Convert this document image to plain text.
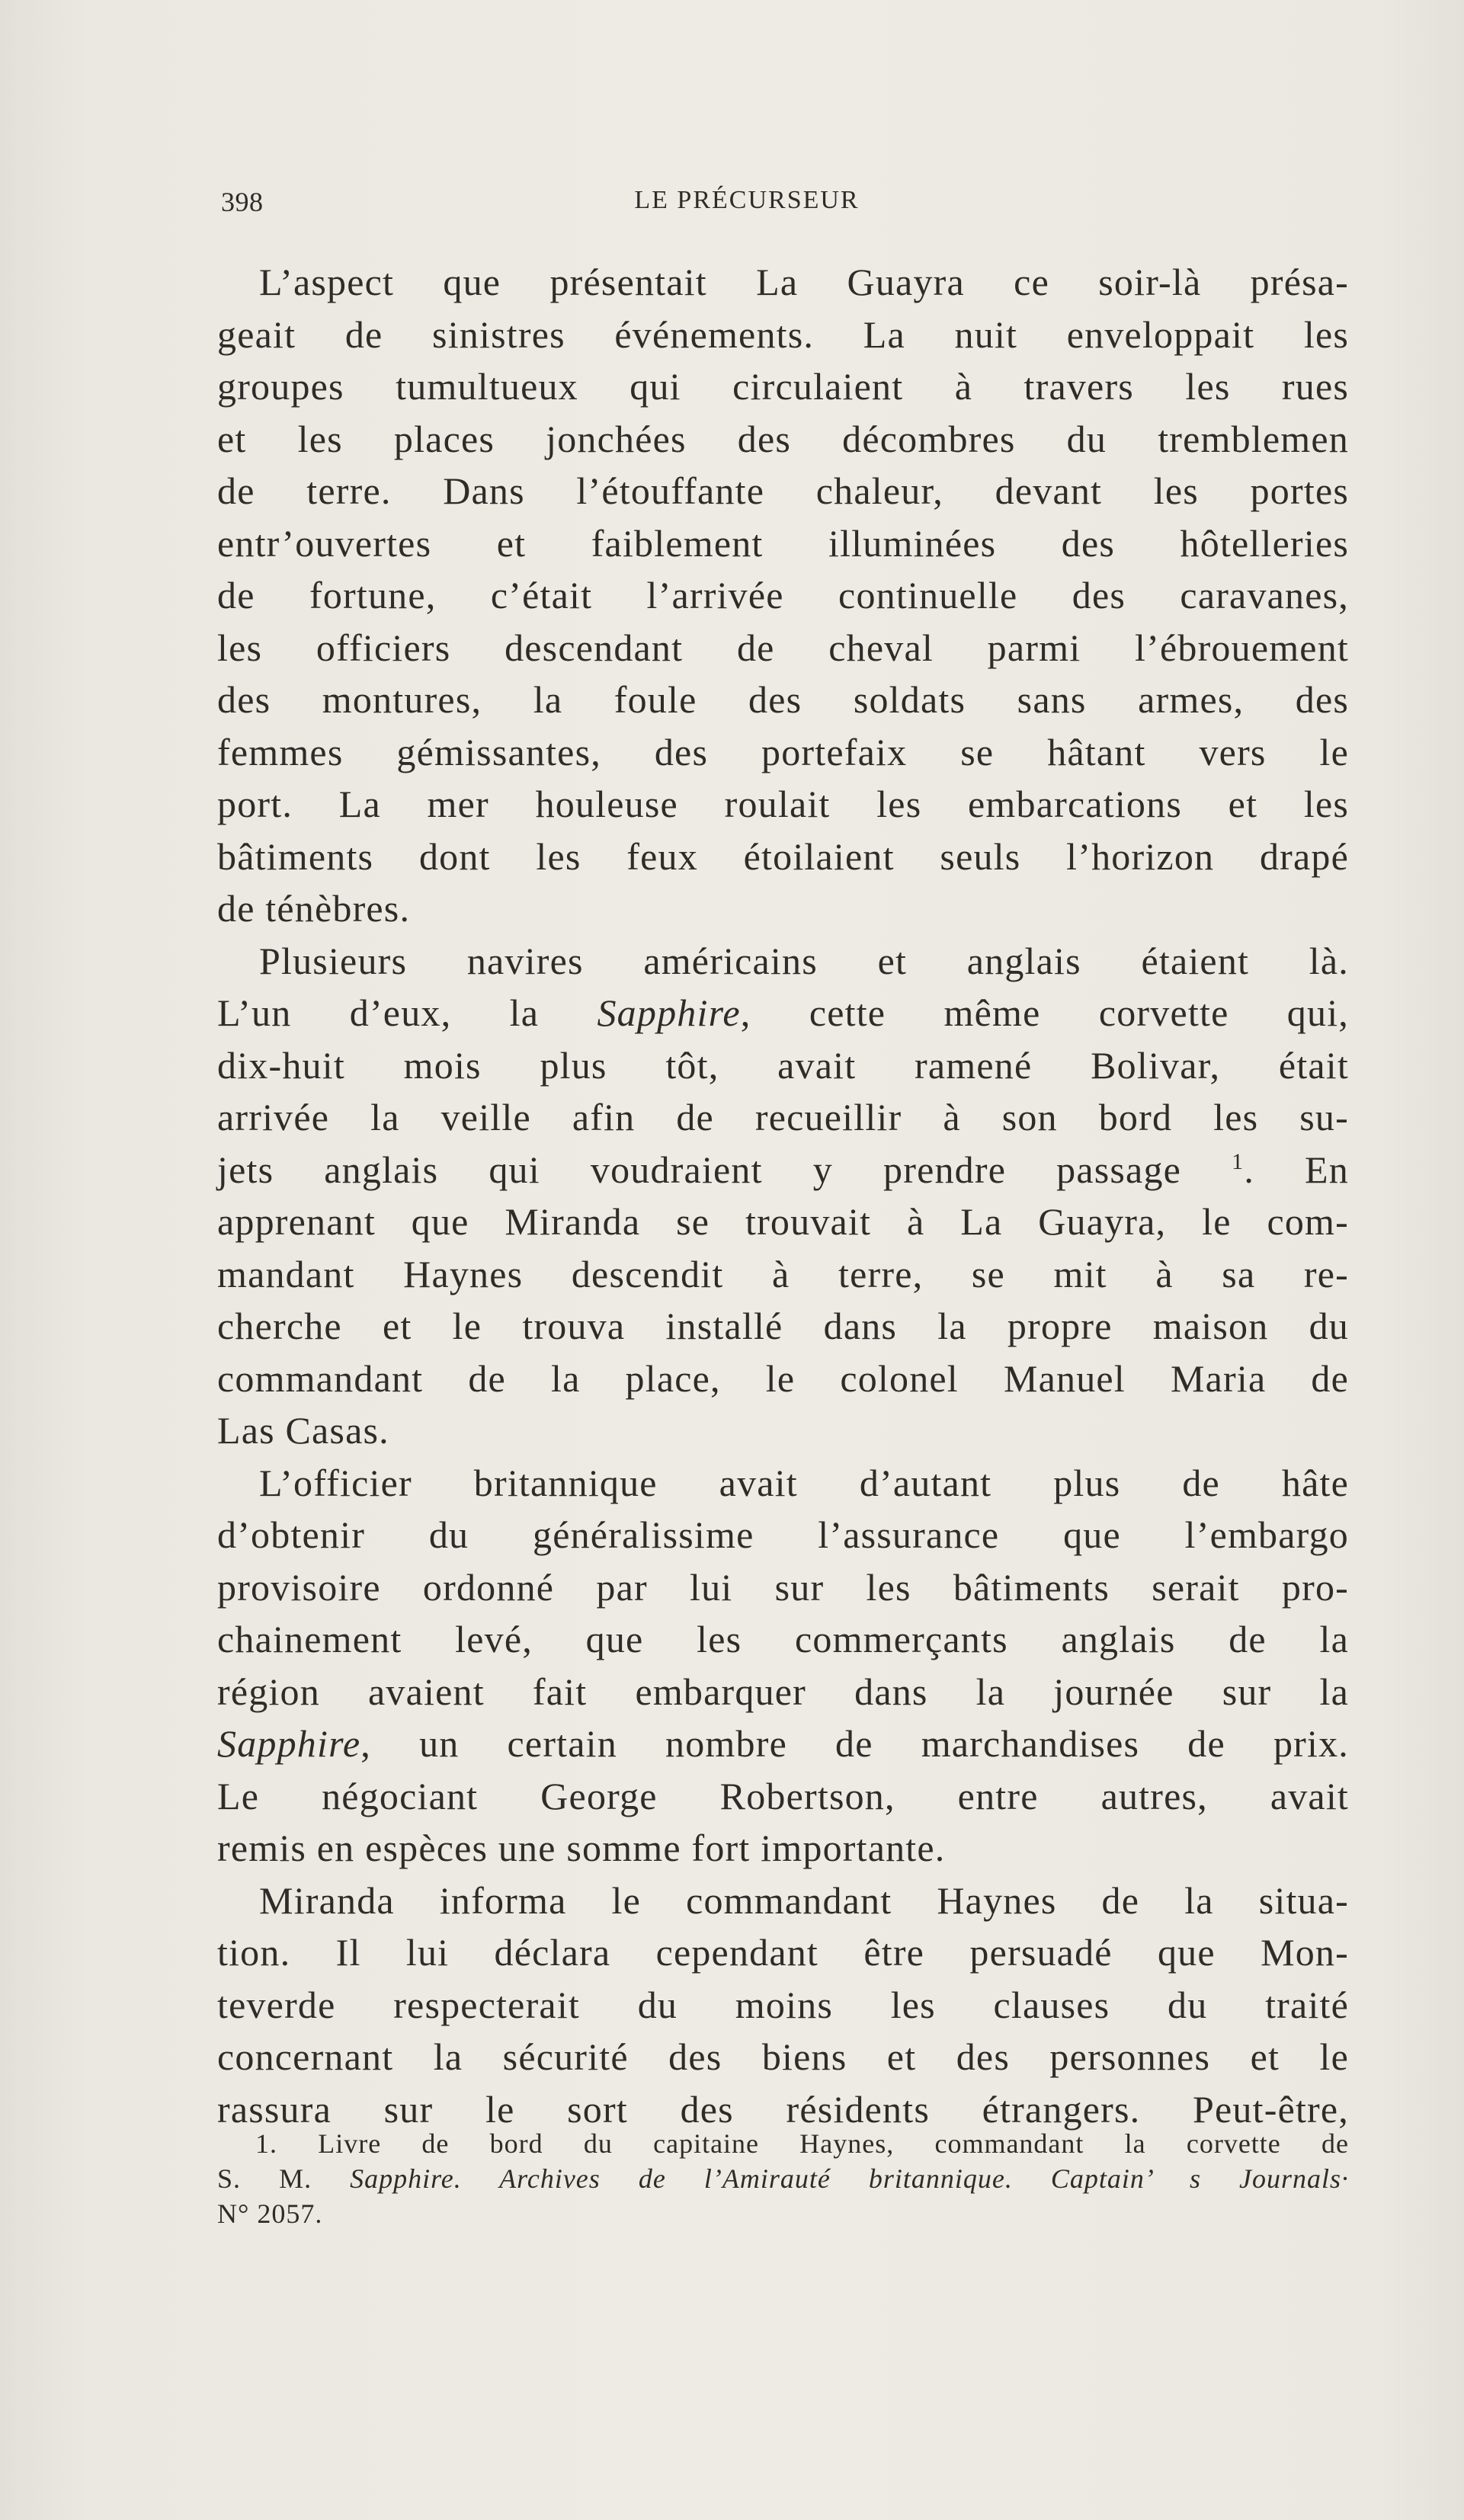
398	LE PRÉCURSEUR
L’aspect que présentait La Guayra ce soir-là présa-
geait de sinistres événements. La nuit enveloppait les
groupes tumultueux qui circulaient à travers les rues
et les places jonchées des décombres du tremblemen
de terre. Dans l’étouffante chaleur, devant les portes
entr’ouvertes et faiblement illuminées des hôtelleries
de fortune, c’était l’arrivée continuelle des caravanes,
les officiers descendant de cheval parmi l’ébrouement
des montures, la foule des soldats sans armes, des
femmes gémissantes, des portefaix se hâtant vers le
port. La mer houleuse roulait les embarcations et les
bâtiments dont les feux étoilaient seuls l’horizon drapé
de ténèbres.
Plusieurs navires américains et anglais étaient là.
L’un d’eux, la Sapphire, cette même corvette qui,
dix-huit mois plus tôt, avait ramené Bolivar, était
arrivée la veille afin de recueillir à son bord les su-
jets anglais qui voudraient y prendre passage $^1$. En
apprenant que Miranda se trouvait à La Guayra, le com-
mandant Haynes descendit à terre, se mit à sa re-
cherche et le trouva installé dans la propre maison du
commandant de la place, le colonel Manuel Maria de
Las Casas.
L’officier britannique avait d’autant plus de hâte
d’obtenir du généralissime l’assurance que l’embargo
provisoire ordonné par lui sur les bâtiments serait pro-
chainement levé, que les commerçants anglais de la
région avaient fait embarquer dans la journée sur la
Sapphire, un certain nombre de marchandises de prix.
Le négociant George Robertson, entre autres, avait
remis en espèces une somme fort importante.
Miranda informa le commandant Haynes de la situa-
tion. Il lui déclara cependant être persuadé que Mon-
teverde respecterait du moins les clauses du traité
concernant la sécurité des biens et des personnes et le
rassura sur le sort des résidents étrangers. Peut-être,
1. Livre de bord du capitaine Haynes, commandant la corvette de
S. M. Sapphire. Archives de l’Amirauté britannique. Captain’ s Journals·
N° 2057.
